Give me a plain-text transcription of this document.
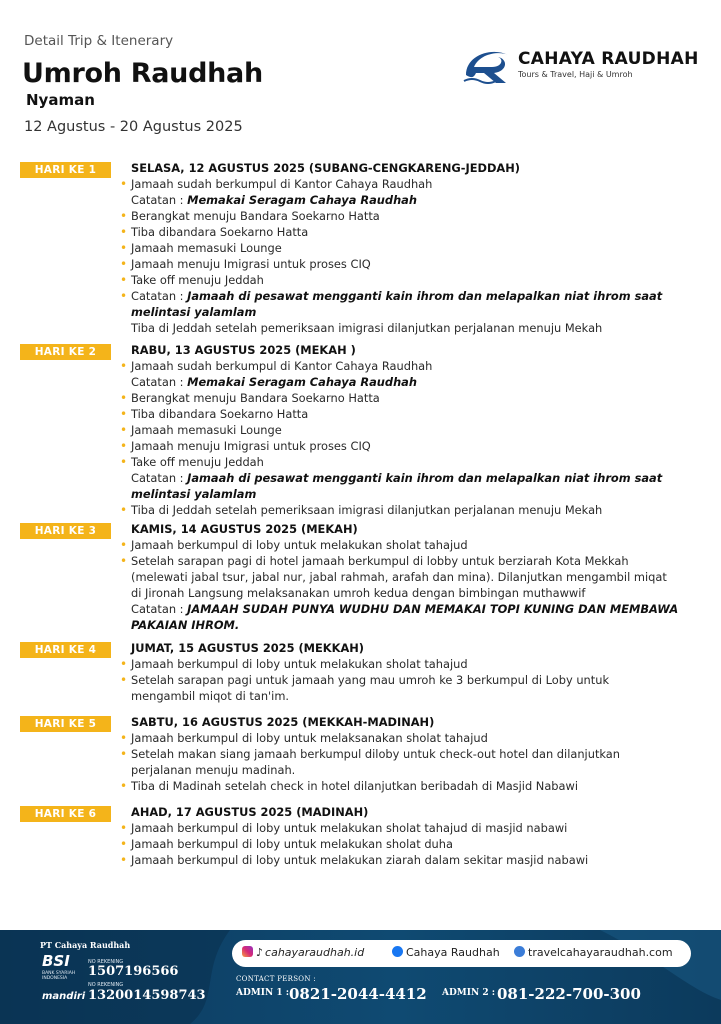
Detail Trip & Itenerary
Umroh Raudhah
Nyaman
12 Agustus - 20 Agustus 2025
CAHAYA RAUDHAH
Tours & Travel, Haji & Umroh
HARI KE 1	SELASA, 12 AGUSTUS 2025 (SUBANG-CENGKARENG-JEDDAH)
• Jamaah sudah berkumpul di Kantor Cahaya Raudhah
Catatan : Memakai Seragam Cahaya Raudhah
• Berangkat menuju Bandara Soekarno Hatta
• Tiba dibandara Soekarno Hatta
• Jamaah memasuki Lounge
• Jamaah menuju Imigrasi untuk proses CIQ
• Take off menuju Jeddah
• Catatan : Jamaah di pesawat mengganti kain ihrom dan melapalkan niat ihrom saat
melintasi yalamlam
Tiba di Jeddah setelah pemeriksaan imigrasi dilanjutkan perjalanan menuju Mekah
HARI KE 2	RABU, 13 AGUSTUS 2025 (MEKAH )
• Jamaah sudah berkumpul di Kantor Cahaya Raudhah
Catatan : Memakai Seragam Cahaya Raudhah
• Berangkat menuju Bandara Soekarno Hatta
• Tiba dibandara Soekarno Hatta
• Jamaah memasuki Lounge
• Jamaah menuju Imigrasi untuk proses CIQ
• Take off menuju Jeddah
Catatan : Jamaah di pesawat mengganti kain ihrom dan melapalkan niat ihrom saat
melintasi yalamlam
• Tiba di Jeddah setelah pemeriksaan imigrasi dilanjutkan perjalanan menuju Mekah
HARI KE 3	KAMIS, 14 AGUSTUS 2025 (MEKAH)
• Jamaah berkumpul di loby untuk melakukan sholat tahajud
• Setelah sarapan pagi di hotel jamaah berkumpul di lobby untuk berziarah Kota Mekkah
(melewati jabal tsur, jabal nur, jabal rahmah, arafah dan mina). Dilanjutkan mengambil miqat
di Jironah Langsung melaksanakan umroh kedua dengan bimbingan muthawwif
Catatan : JAMAAH SUDAH PUNYA WUDHU DAN MEMAKAI TOPI KUNING DAN MEMBAWA
PAKAIAN IHROM.
HARI KE 4	JUMAT, 15 AGUSTUS 2025 (MEKKAH)
• Jamaah berkumpul di loby untuk melakukan sholat tahajud
• Setelah sarapan pagi untuk jamaah yang mau umroh ke 3 berkumpul di Loby untuk
mengambil miqot di tan'im.
HARI KE 5	SABTU, 16 AGUSTUS 2025 (MEKKAH-MADINAH)
• Jamaah berkumpul di loby untuk melaksanakan sholat tahajud
• Setelah makan siang jamaah berkumpul diloby untuk check-out hotel dan dilanjutkan
perjalanan menuju madinah.
• Tiba di Madinah setelah check in hotel dilanjutkan beribadah di Masjid Nabawi
HARI KE 6	AHAD, 17 AGUSTUS 2025 (MADINAH)
• Jamaah berkumpul di loby untuk melakukan sholat tahajud di masjid nabawi
• Jamaah berkumpul di loby untuk melakukan sholat duha
• Jamaah berkumpul di loby untuk melakukan ziarah dalam sekitar masjid nabawi
PT Cahaya Raudhah
BSI
BANK SYARIAH INDONESIA
NO REKENING
1507196566
mandiri
NO REKENING
1320014598743
♪ cahayaraudhah.id	Cahaya Raudhah	travelcahayaraudhah.com
CONTACT PERSON :
ADMIN 1 : 0821-2044-4412 ADMIN 2 : 081-222-700-300
